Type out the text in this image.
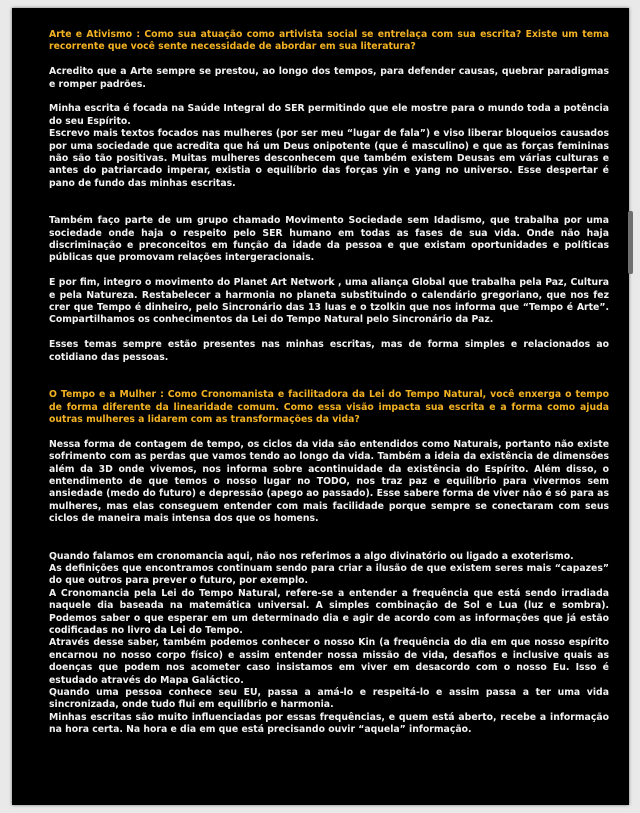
Arte e Ativismo : Como sua atuação como artivista social se entrelaça com sua escrita? Existe um tema recorrente que você sente necessidade de abordar em sua literatura?

Acredito que a Arte sempre se prestou, ao longo dos tempos, para defender causas, quebrar paradigmas e romper padrões.

Minha escrita é focada na Saúde Integral do SER permitindo que ele mostre para o mundo toda a potência do seu Espírito.

Escrevo mais textos focados nas mulheres (por ser meu “lugar de fala”) e viso liberar bloqueios causados por uma sociedade que acredita que há um Deus onipotente (que é masculino) e que as forças femininas não são tão positivas. Muitas mulheres desconhecem que também existem Deusas em várias culturas e antes do patriarcado imperar, existia o equilíbrio das forças yin e yang no universo. Esse despertar é pano de fundo das minhas escritas.

Também faço parte de um grupo chamado Movimento Sociedade sem Idadismo, que trabalha por uma sociedade onde haja o respeito pelo SER humano em todas as fases de sua vida. Onde não haja discriminação e preconceitos em função da idade da pessoa e que existam oportunidades e políticas públicas que promovam relações intergeracionais.

E por fim, integro o movimento do Planet Art Network , uma aliança Global que trabalha pela Paz, Cultura e pela Natureza. Restabelecer a harmonia no planeta substituindo o calendário gregoriano, que nos fez crer que Tempo é dinheiro, pelo Sincronário das 13 luas e o tzolkin que nos informa que “Tempo é Arte”. Compartilhamos os conhecimentos da Lei do Tempo Natural pelo Sincronário da Paz.

Esses temas sempre estão presentes nas minhas escritas, mas de forma simples e relacionados ao cotidiano das pessoas.

O Tempo e a Mulher : Como Cronomanista e facilitadora da Lei do Tempo Natural, você enxerga o tempo de forma diferente da linearidade comum. Como essa visão impacta sua escrita e a forma como ajuda outras mulheres a lidarem com as transformações da vida?

Nessa forma de contagem de tempo, os ciclos da vida são entendidos como Naturais, portanto não existe sofrimento com as perdas que vamos tendo ao longo da vida. Também a ideia da existência de dimensões além da 3D onde vivemos, nos informa sobre acontinuidade da existência do Espírito. Além disso, o entendimento de que temos o nosso lugar no TODO, nos traz paz e equilíbrio para vivermos sem ansiedade (medo do futuro) e depressão (apego ao passado). Esse sabere forma de viver não é só para as mulheres, mas elas conseguem entender com mais facilidade porque sempre se conectaram com seus ciclos de maneira mais intensa dos que os homens.

Quando falamos em cronomancia aqui, não nos referimos a algo divinatório ou ligado a exoterismo.

As definições que encontramos continuam sendo para criar a ilusão de que existem seres mais “capazes” do que outros para prever o futuro, por exemplo.

A Cronomancia pela Lei do Tempo Natural, refere-se a entender a frequência que está sendo irradiada naquele dia baseada na matemática universal. A simples combinação de Sol e Lua (luz e sombra). Podemos saber o que esperar em um determinado dia e agir de acordo com as informações que já estão codificadas no livro da Lei do Tempo.

Através desse saber, também podemos conhecer o nosso Kin (a frequência do dia em que nosso espírito encarnou no nosso corpo físico) e assim entender nossa missão de vida, desafios e inclusive quais as doenças que podem nos acometer caso insistamos em viver em desacordo com o nosso Eu. Isso é estudado através do Mapa Galáctico.

Quando uma pessoa conhece seu EU, passa a amá-lo e respeitá-lo e assim passa a ter uma vida sincronizada, onde tudo flui em equilíbrio e harmonia.

Minhas escritas são muito influenciadas por essas frequências, e quem está aberto, recebe a informação na hora certa. Na hora e dia em que está precisando ouvir “aquela” informação.
